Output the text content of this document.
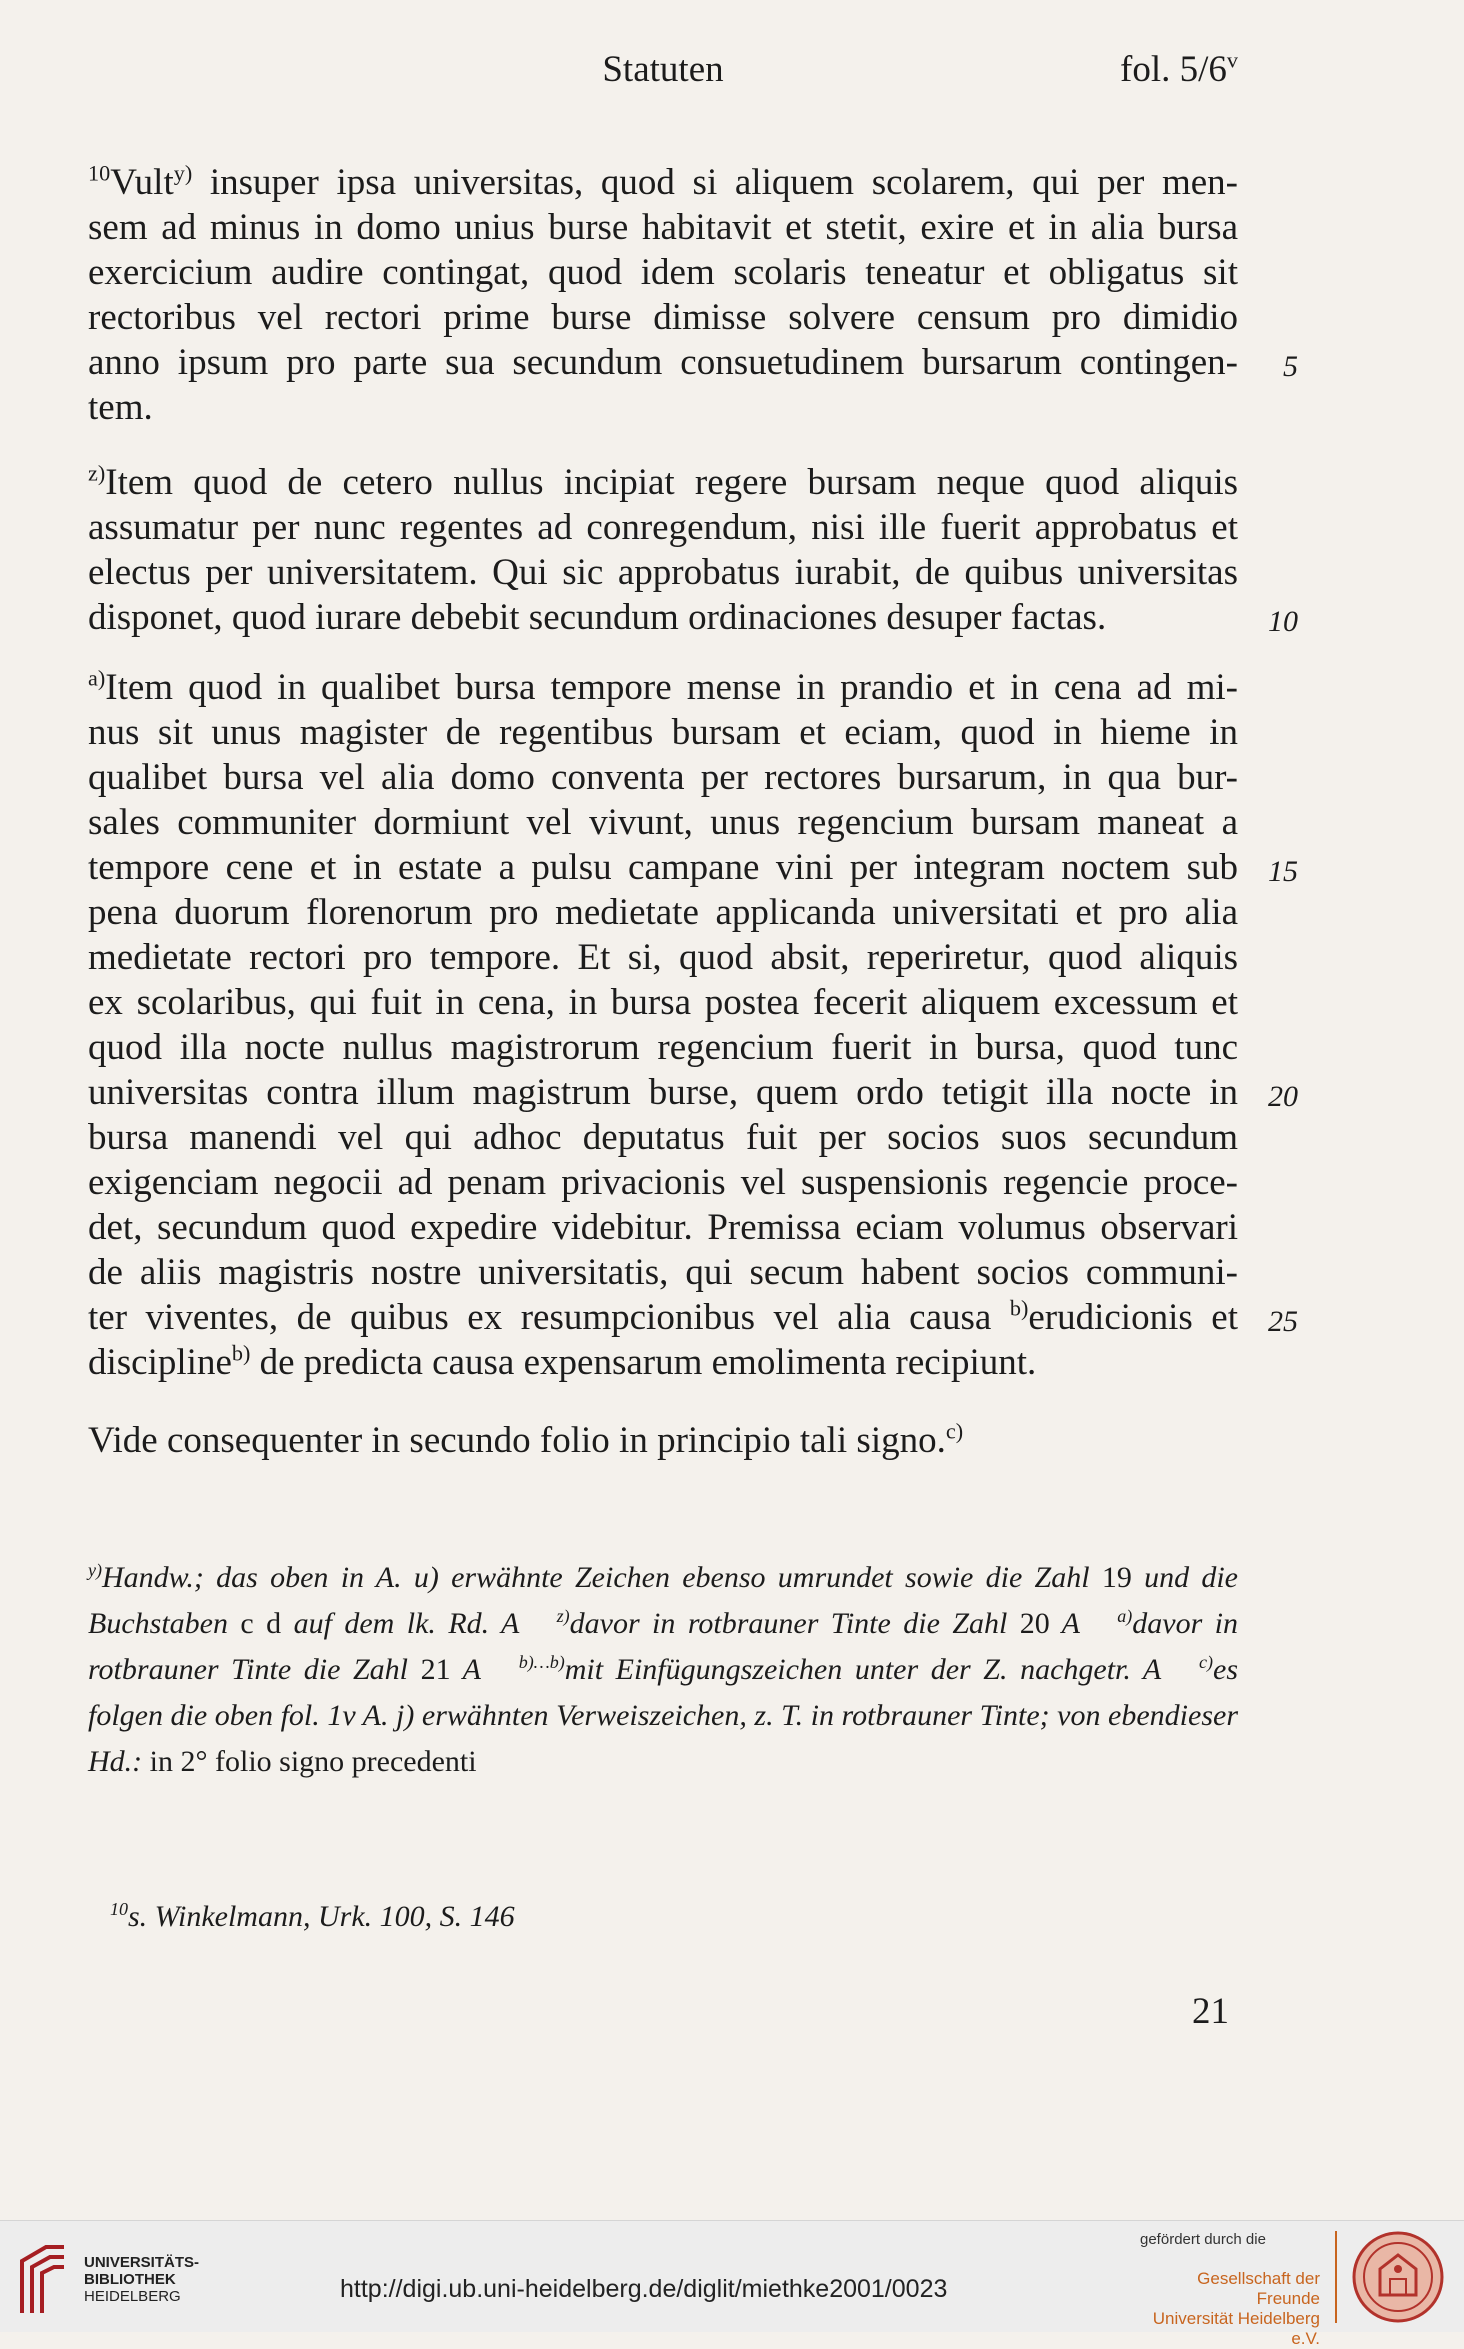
Statuten	fol. 5/6$^v$
$^{10}$Vult$^{y)}$ insuper ipsa universitas, quod si aliquem scolarem, qui per men-
sem ad minus in domo unius burse habitavit et stetit, exire et in alia bursa
exercicium audire contingat, quod idem scolaris teneatur et obligatus sit
rectoribus vel rectori prime burse dimisse solvere censum pro dimidio
anno ipsum pro parte sua secundum consuetudinem bursarum contingen- 5
tem.
$^{z)}$Item quod de cetero nullus incipiat regere bursam neque quod aliquis
assumatur per nunc regentes ad conregendum, nisi ille fuerit approbatus et
electus per universitatem. Qui sic approbatus iurabit, de quibus universitas
disponet, quod iurare debebit secundum ordinaciones desuper factas.	10
$^{a)}$Item quod in qualibet bursa tempore mense in prandio et in cena ad mi-
nus sit unus magister de regentibus bursam et eciam, quod in hieme in
qualibet bursa vel alia domo conventa per rectores bursarum, in qua bur-
sales communiter dormiunt vel vivunt, unus regencium bursam maneat a
tempore cene et in estate a pulsu campane vini per integram noctem sub 15
pena duorum florenorum pro medietate applicanda universitati et pro alia
medietate rectori pro tempore. Et si, quod absit, reperiretur, quod aliquis
ex scolaribus, qui fuit in cena, in bursa postea fecerit aliquem excessum et
quod illa nocte nullus magistrorum regencium fuerit in bursa, quod tunc
universitas contra illum magistrum burse, quem ordo tetigit illa nocte in 20
bursa manendi vel qui adhoc deputatus fuit per socios suos secundum
exigenciam negocii ad penam privacionis vel suspensionis regencie proce-
det, secundum quod expedire videbitur. Premissa eciam volumus observari
de aliis magistris nostre universitatis, qui secum habent socios communi-
ter viventes, de quibus ex resumpcionibus vel alia causa $^{b)}$erudicionis et 25
discipline$^{b)}$ de predicta causa expensarum emolimenta recipiunt.
Vide consequenter in secundo folio in principio tali signo.$^{c)}$
$^{y)}$Handw.; das oben in A. u) erwähnte Zeichen ebenso umrundet sowie die Zahl 19 und die
Buchstaben c d auf dem lk. Rd. A $^{z)}$davor in rotbrauner Tinte die Zahl 20 A $^{a)}$davor in
rotbrauner Tinte die Zahl 21 A $^{b)\dots b)}$mit Einfügungszeichen unter der Z. nachgetr. A $^{c)}$es
folgen die oben fol. 1v A. j) erwähnten Verweiszeichen, z. T. in rotbrauner Tinte; von ebendieser
Hd.: in 2° folio signo precedenti
$^{10}$s. Winkelmann, Urk. 100, S. 146
21
UNIVERSITÄTS-
BIBLIOTHEK
HEIDELBERG	http://digi.ub.uni-heidelberg.de/diglit/miethke2001/0023
gefördert durch die
Gesellschaft der Freunde
Universität Heidelberg e.V.
